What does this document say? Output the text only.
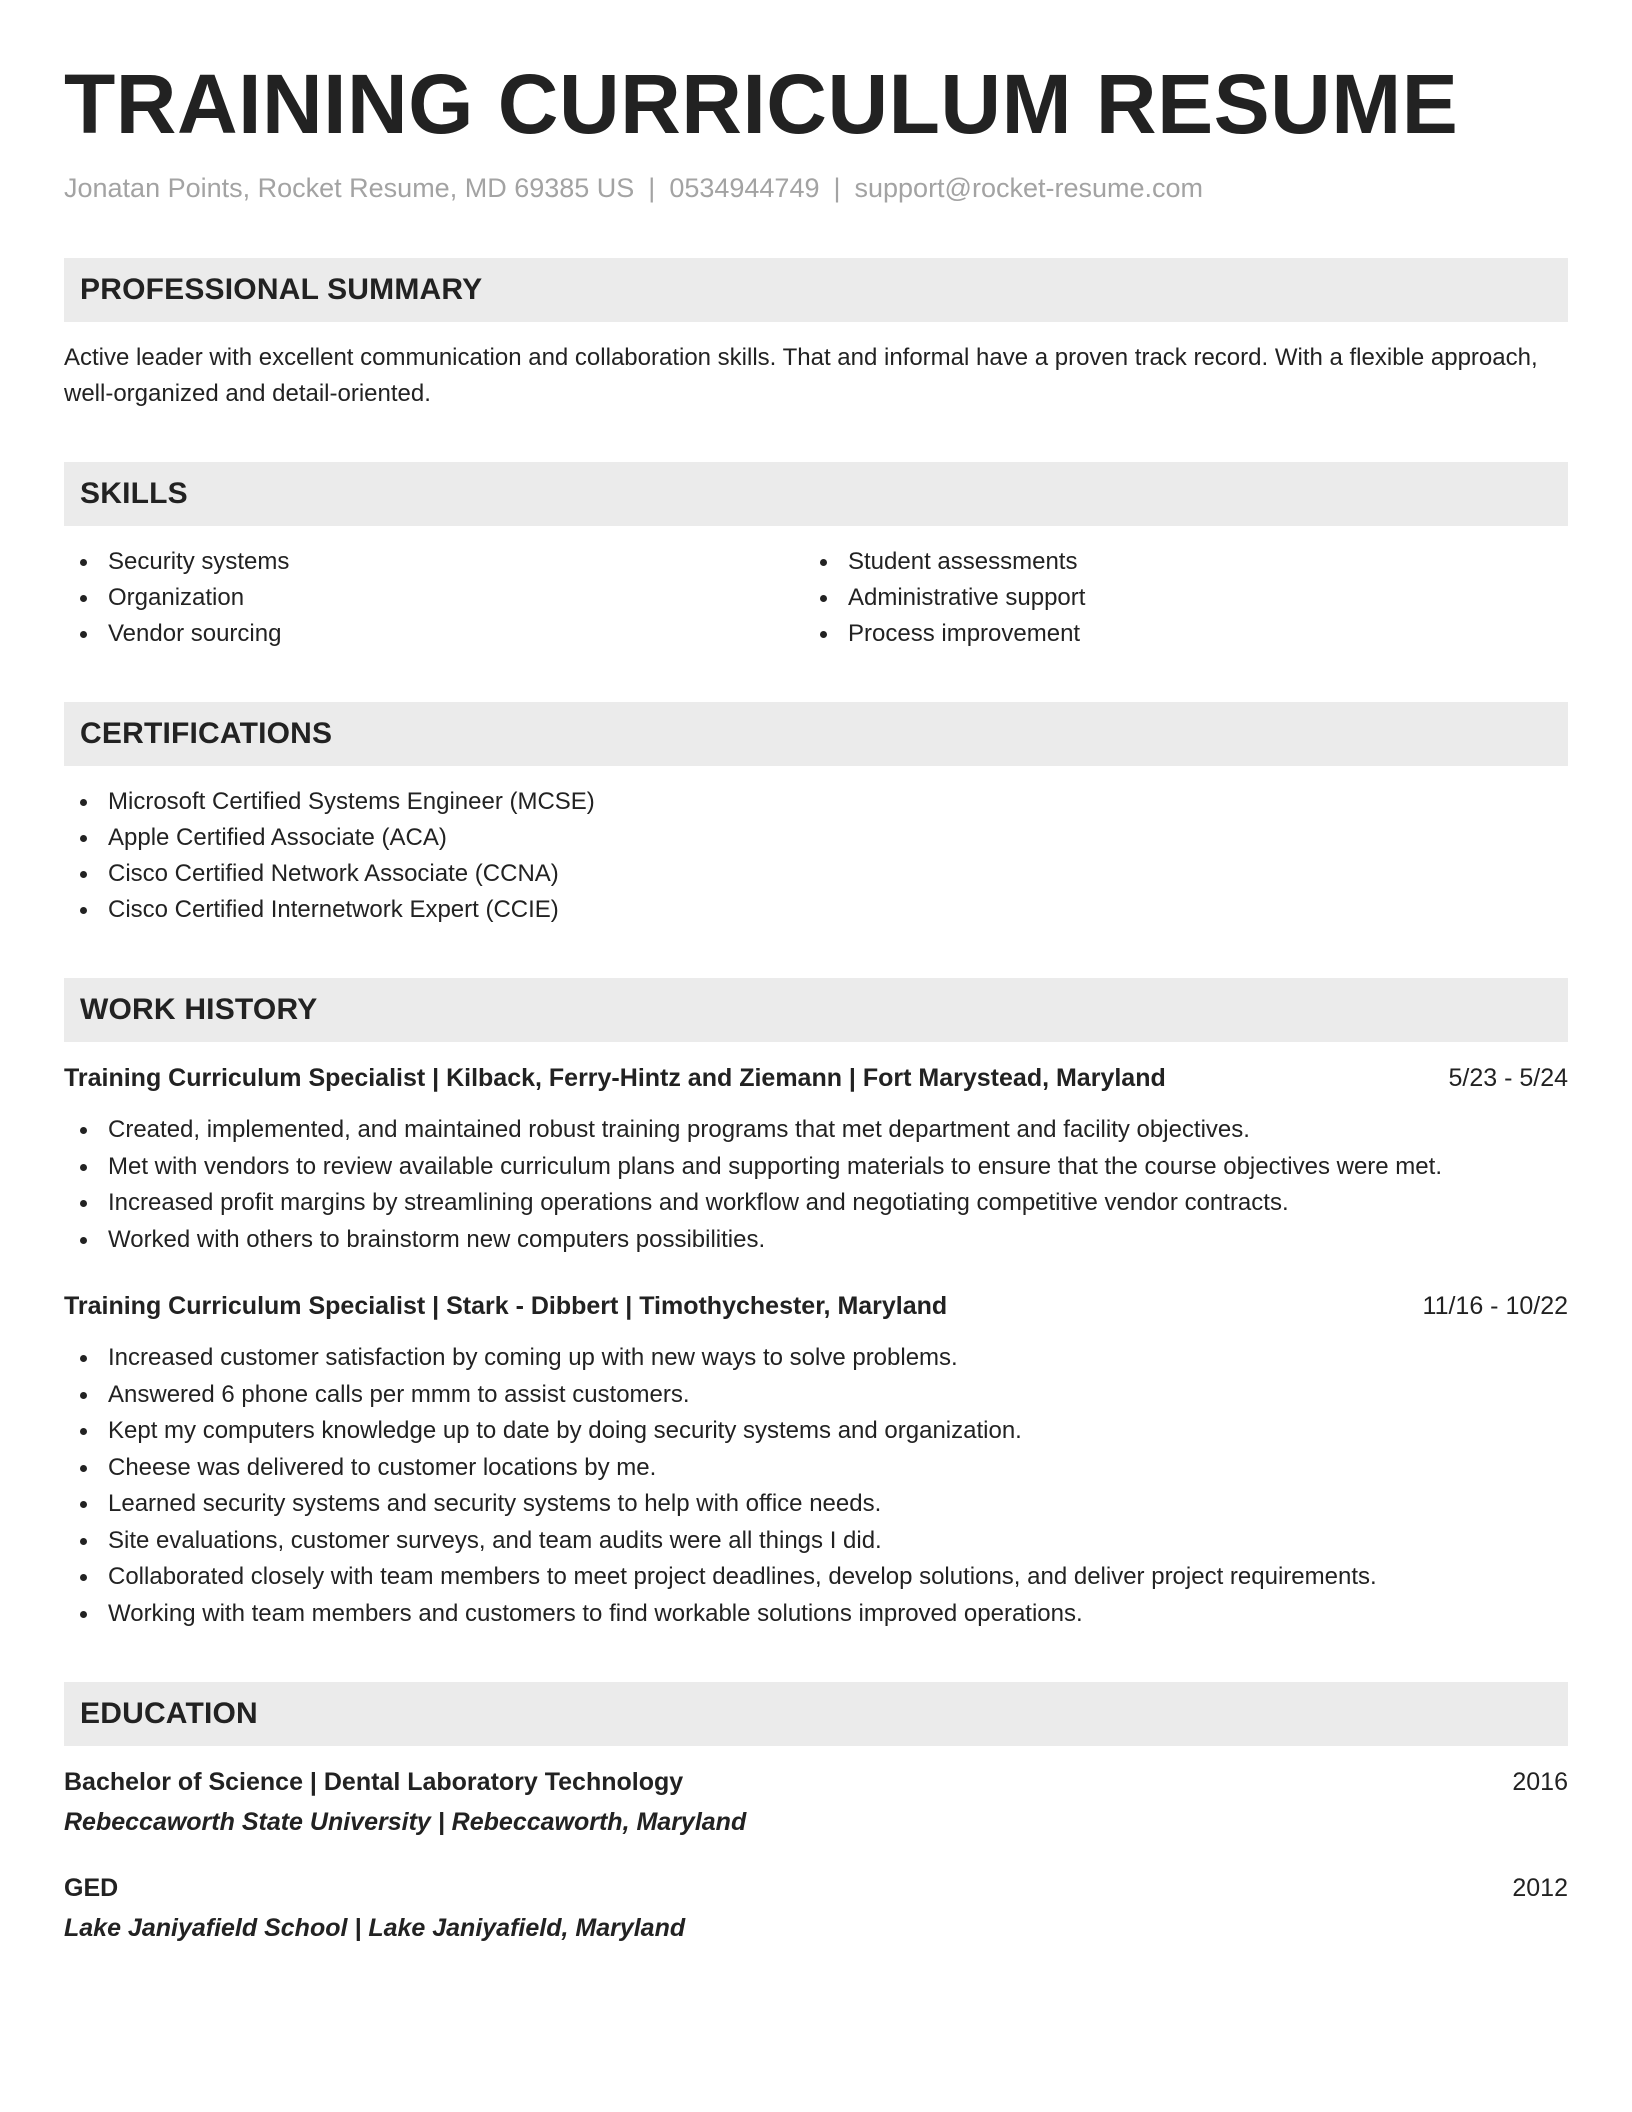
TRAINING CURRICULUM RESUME
Jonatan Points, Rocket Resume, MD 69385 US | 0534944749 | support@rocket-resume.com
PROFESSIONAL SUMMARY

Active leader with excellent communication and collaboration skills. That and informal have a proven track record. With a flexible approach, well-organized and detail-oriented.

SKILLS
Security systems
Organization
Vendor sourcing
Student assessments
Administrative support
Process improvement
CERTIFICATIONS
Microsoft Certified Systems Engineer (MCSE)
Apple Certified Associate (ACA)
Cisco Certified Network Associate (CCNA)
Cisco Certified Internetwork Expert (CCIE)
WORK HISTORY
Training Curriculum Specialist | Kilback, Ferry-Hintz and Ziemann | Fort Marystead, Maryland	5/23 - 5/24
Created, implemented, and maintained robust training programs that met department and facility objectives.
Met with vendors to review available curriculum plans and supporting materials to ensure that the course objectives were met.
Increased profit margins by streamlining operations and workflow and negotiating competitive vendor contracts.
Worked with others to brainstorm new computers possibilities.
Training Curriculum Specialist | Stark - Dibbert | Timothychester, Maryland	11/16 - 10/22
Increased customer satisfaction by coming up with new ways to solve problems.
Answered 6 phone calls per mmm to assist customers.
Kept my computers knowledge up to date by doing security systems and organization.
Cheese was delivered to customer locations by me.
Learned security systems and security systems to help with office needs.
Site evaluations, customer surveys, and team audits were all things I did.
Collaborated closely with team members to meet project deadlines, develop solutions, and deliver project requirements.
Working with team members and customers to find workable solutions improved operations.
EDUCATION
Bachelor of Science | Dental Laboratory Technology	2016
Rebeccaworth State University | Rebeccaworth, Maryland
GED	2012
Lake Janiyafield School | Lake Janiyafield, Maryland
